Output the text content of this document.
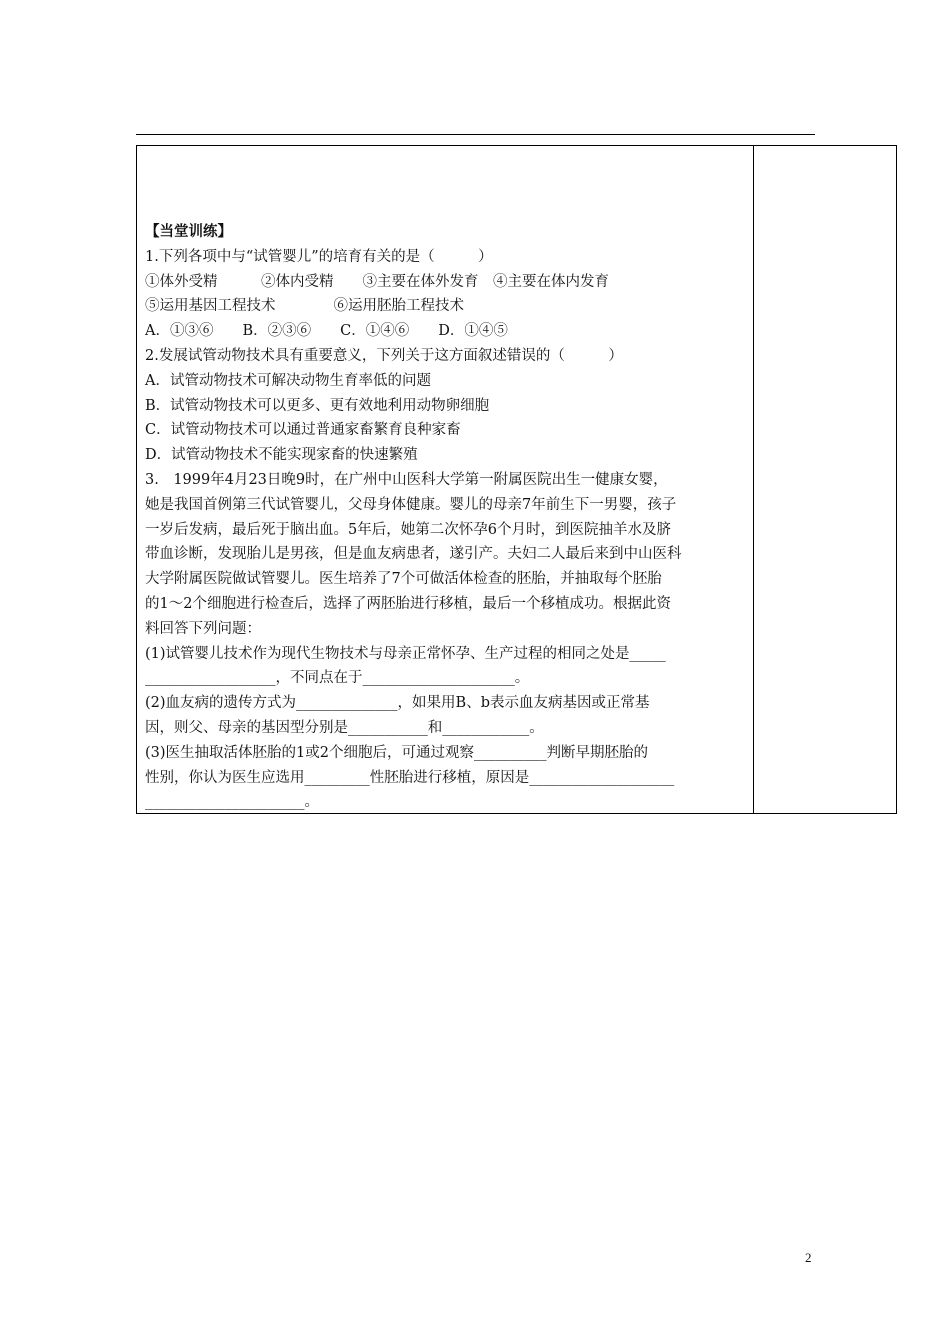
【当堂训练】
1.下列各项中与“试管婴儿”的培育有关的是（　　　）
①体外受精　　　②体内受精　　③主要在体外发育　④主要在体内发育
⑤运用基因工程技术　　　　⑥运用胚胎工程技术
A．①③⑥　　B．②③⑥　　C．①④⑥　　D．①④⑤
2.发展试管动物技术具有重要意义，下列关于这方面叙述错误的（　　　）
A．试管动物技术可解决动物生育率低的问题
B．试管动物技术可以更多、更有效地利用动物卵细胞
C．试管动物技术可以通过普通家畜繁育良种家畜
D．试管动物技术不能实现家畜的快速繁殖
3.　1999年4月23日晚9时，在广州中山医科大学第一附属医院出生一健康女婴，
她是我国首例第三代试管婴儿，父母身体健康。婴儿的母亲7年前生下一男婴，孩子
一岁后发病，最后死于脑出血。5年后，她第二次怀孕6个月时，到医院抽羊水及脐
带血诊断，发现胎儿是男孩，但是血友病患者，遂引产。夫妇二人最后来到中山医科
大学附属医院做试管婴儿。医生培养了7个可做活体检查的胚胎，并抽取每个胚胎
的1～2个细胞进行检查后，选择了两胚胎进行移植，最后一个移植成功。根据此资
料回答下列问题：
(1)试管婴儿技术作为现代生物技术与母亲正常怀孕、生产过程的相同之处是_____
__________________，不同点在于_____________________。
(2)血友病的遗传方式为______________，如果用B、b表示血友病基因或正常基
因，则父、母亲的基因型分别是___________和____________。
(3)医生抽取活体胚胎的1或2个细胞后，可通过观察__________判断早期胚胎的
性别，你认为医生应选用_________性胚胎进行移植，原因是____________________
______________________。
2
